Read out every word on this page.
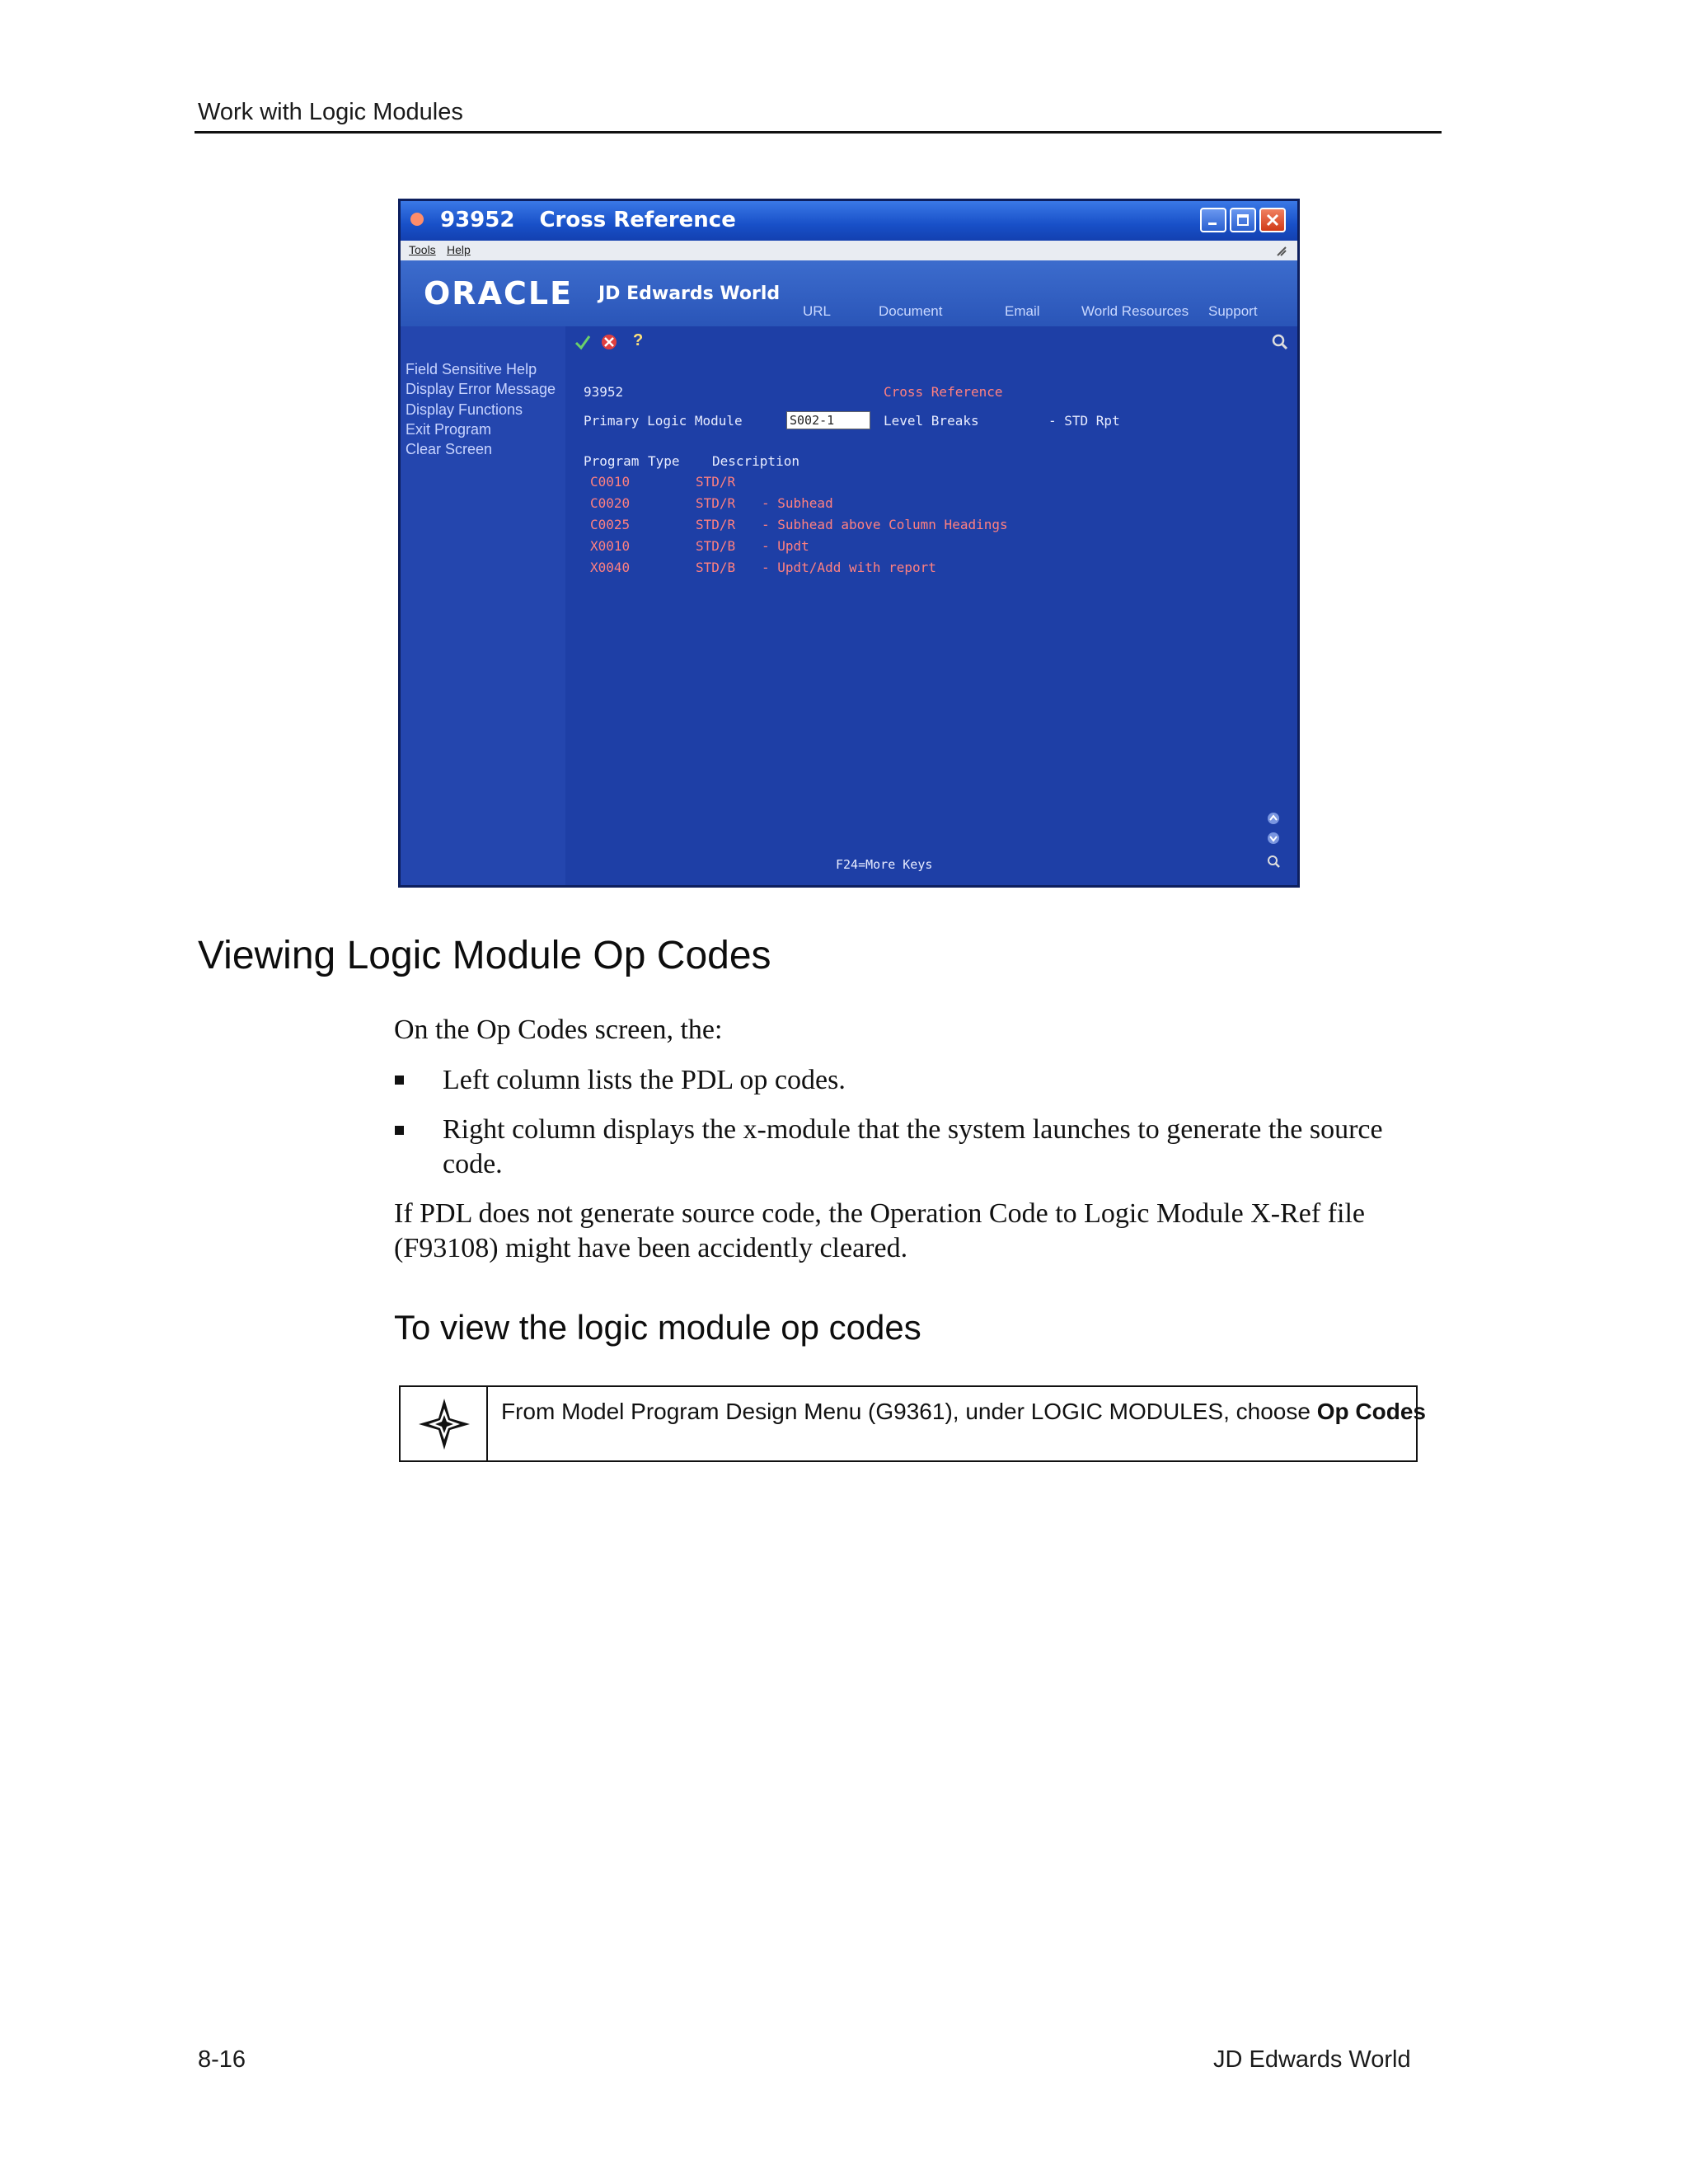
Work with Logic Modules
93952 Cross Reference
Tools Help
ORACLE JD Edwards World
URL	Document	Email	World Resources Support
Field Sensitive Help
Display Error Message
Display Functions
Exit Program
Clear Screen
?
93952	Cross Reference
Primary Logic Module	S002-1	Level Breaks	- STD Rpt
Program Type Description
C0010	STD/R
C0020	STD/R - Subhead
C0025	STD/R - Subhead above Column Headings
X0010	STD/B - Updt
X0040	STD/B - Updt/Add with report
F24=More Keys
Viewing Logic Module Op Codes
On the Op Codes screen, the:
Left column lists the PDL op codes.
Right column displays the x-module that the system launches to generate the source code.
If PDL does not generate source code, the Operation Code to Logic Module X-Ref file (F93108) might have been accidently cleared.
To view the logic module op codes
From Model Program Design Menu (G9361), under LOGIC MODULES, choose Op Codes
8-16	JD Edwards World
